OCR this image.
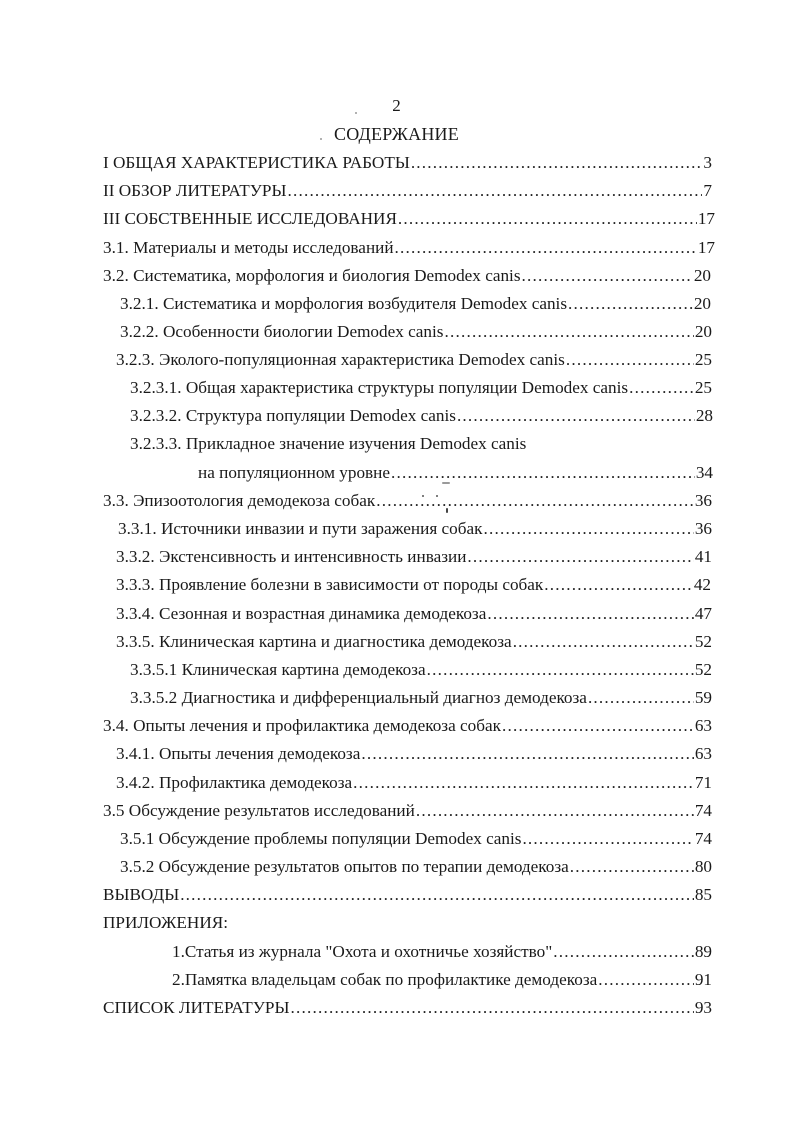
2
СОДЕРЖАНИЕ
I ОБЩАЯ ХАРАКТЕРИСТИКА РАБОТЫ .....	3
II ОБЗОР ЛИТЕРАТУРЫ .....	7
III СОБСТВЕННЫЕ ИССЛЕДОВАНИЯ .....	17
3.1. Материалы и методы исследований .....	17
3.2. Систематика, морфология и биология Demodex canis .....	20
3.2.1. Систематика и морфология возбудителя Demodex canis .....	20
3.2.2. Особенности биологии Demodex canis .....	20
3.2.3. Эколого-популяционная характеристика Demodex canis .....	25
3.2.3.1. Общая характеристика структуры популяции Demodex canis .....	25
3.2.3.2. Структура популяции Demodex canis .....	28
3.2.3.3. Прикладное значение изучения Demodex canis
на популяционном уровне .....	34
3.3. Эпизоотология демодекоза собак .....	36
3.3.1. Источники инвазии и пути заражения собак .....	36
3.3.2. Экстенсивность и интенсивность инвазии .....	41
3.3.3. Проявление болезни в зависимости от породы собак .....	42
3.3.4. Сезонная и возрастная динамика демодекоза .....	47
3.3.5. Клиническая картина и диагностика демодекоза .....	52
3.3.5.1 Клиническая картина демодекоза .....	52
3.3.5.2 Диагностика и дифференциальный диагноз демодекоза .....	59
3.4. Опыты лечения и профилактика демодекоза собак .....	63
3.4.1. Опыты лечения демодекоза .....	63
3.4.2. Профилактика демодекоза .....	71
3.5 Обсуждение результатов исследований .....	74
3.5.1 Обсуждение проблемы популяции Demodex canis .....	74
3.5.2 Обсуждение результатов опытов по терапии демодекоза .....	80
ВЫВОДЫ .....	85
ПРИЛОЖЕНИЯ:
1.Статья из журнала "Охота и охотничье хозяйство" .....	89
2.Памятка владельцам собак по профилактике демодекоза .....	91
СПИСОК ЛИТЕРАТУРЫ .....	93
